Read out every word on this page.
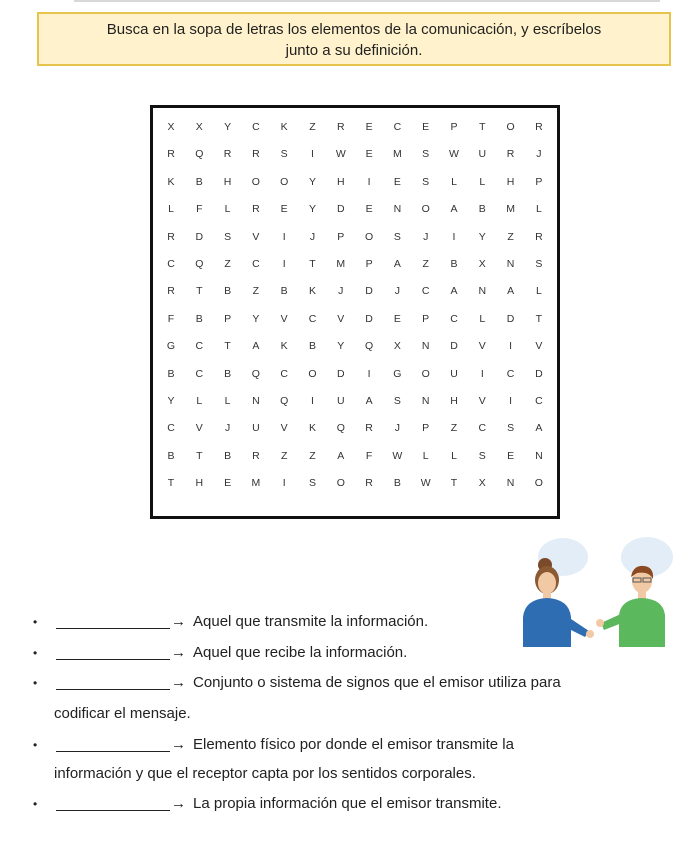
Busca en la sopa de letras los elementos de la comunicación, y escríbelos
junto a su definición.
X	X	Y	C	K	Z	R	E	C	E	P	T	O	R
R	Q	R	R	S	I	W	E	M	S	W	U	R	J
K	B	H	O	O	Y	H	I	E	S	L	L	H	P
L	F	L	R	E	Y	D	E	N	O	A	B	M	L
R	D	S	V	I	J	P	O	S	J	I	Y	Z	R
C	Q	Z	C	I	T	M	P	A	Z	B	X	N	S
R	T	B	Z	B	K	J	D	J	C	A	N	A	L
F	B	P	Y	V	C	V	D	E	P	C	L	D	T
G	C	T	A	K	B	Y	Q	X	N	D	V	I	V
B	C	B	Q	C	O	D	I	G	O	U	I	C	D
Y	L	L	N	Q	I	U	A	S	N	H	V	I	C
C	V	J	U	V	K	Q	R	J	P	Z	C	S	A
B	T	B	R	Z	Z	A	F	W	L	L	S	E	N
T	H	E	M	I	S	O	R	B	W	T	X	N	O
•	→ Aquel que transmite la información.
•	→ Aquel que recibe la información.
•	→ Conjunto o sistema de signos que el emisor utiliza para
codificar el mensaje.
•	→ Elemento físico por donde el emisor transmite la
información y que el receptor capta por los sentidos corporales.
•	→ La propia información que el emisor transmite.
